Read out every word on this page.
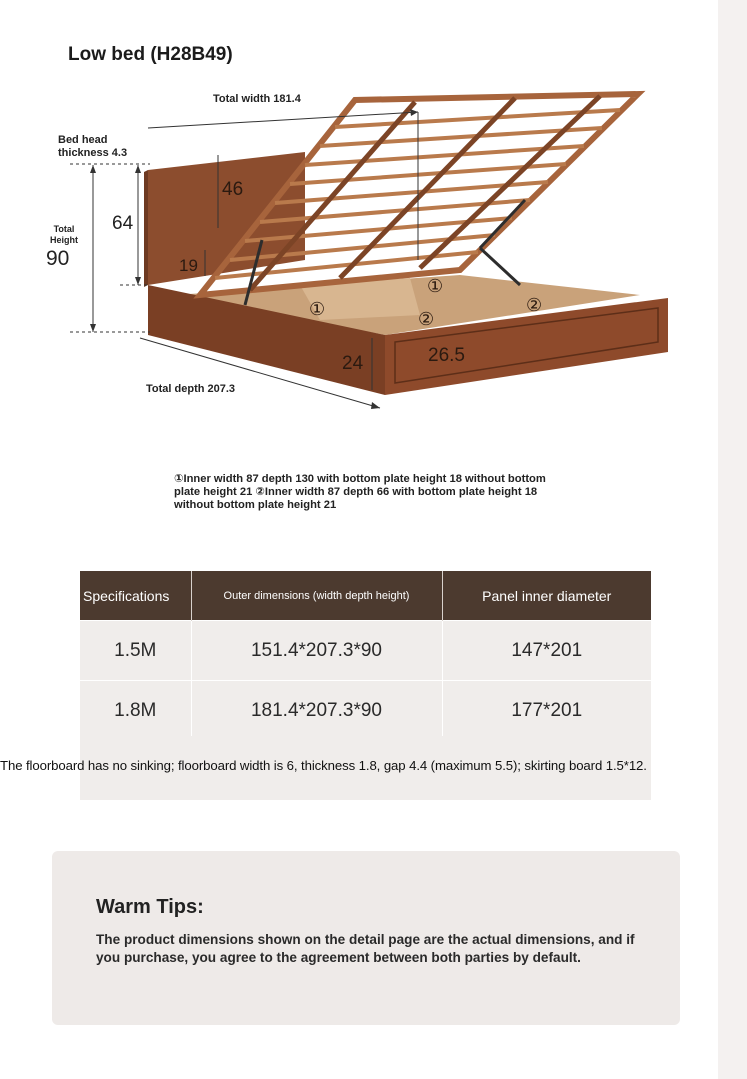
Low bed (H28B49)
Total width 181.4
Bed head
thickness 4.3
Total
Height
90
64
46
19
24	26.5
Total depth 207.3
①
①
②
②
①Inner width 87 depth 130 with bottom plate height 18 without bottom plate height 21 ②Inner width 87 depth 66 with bottom plate height 18 without bottom plate height 21
Specifications	Outer dimensions (width depth height)	Panel inner diameter
1.5M	151.4*207.3*90	147*201
1.8M	181.4*207.3*90	177*201
The floorboard has no sinking; floorboard width is 6, thickness 1.8, gap 4.4 (maximum 5.5); skirting board 1.5*12.
Warm Tips:
The product dimensions shown on the detail page are the actual dimensions, and if you purchase, you agree to the agreement between both parties by default.
